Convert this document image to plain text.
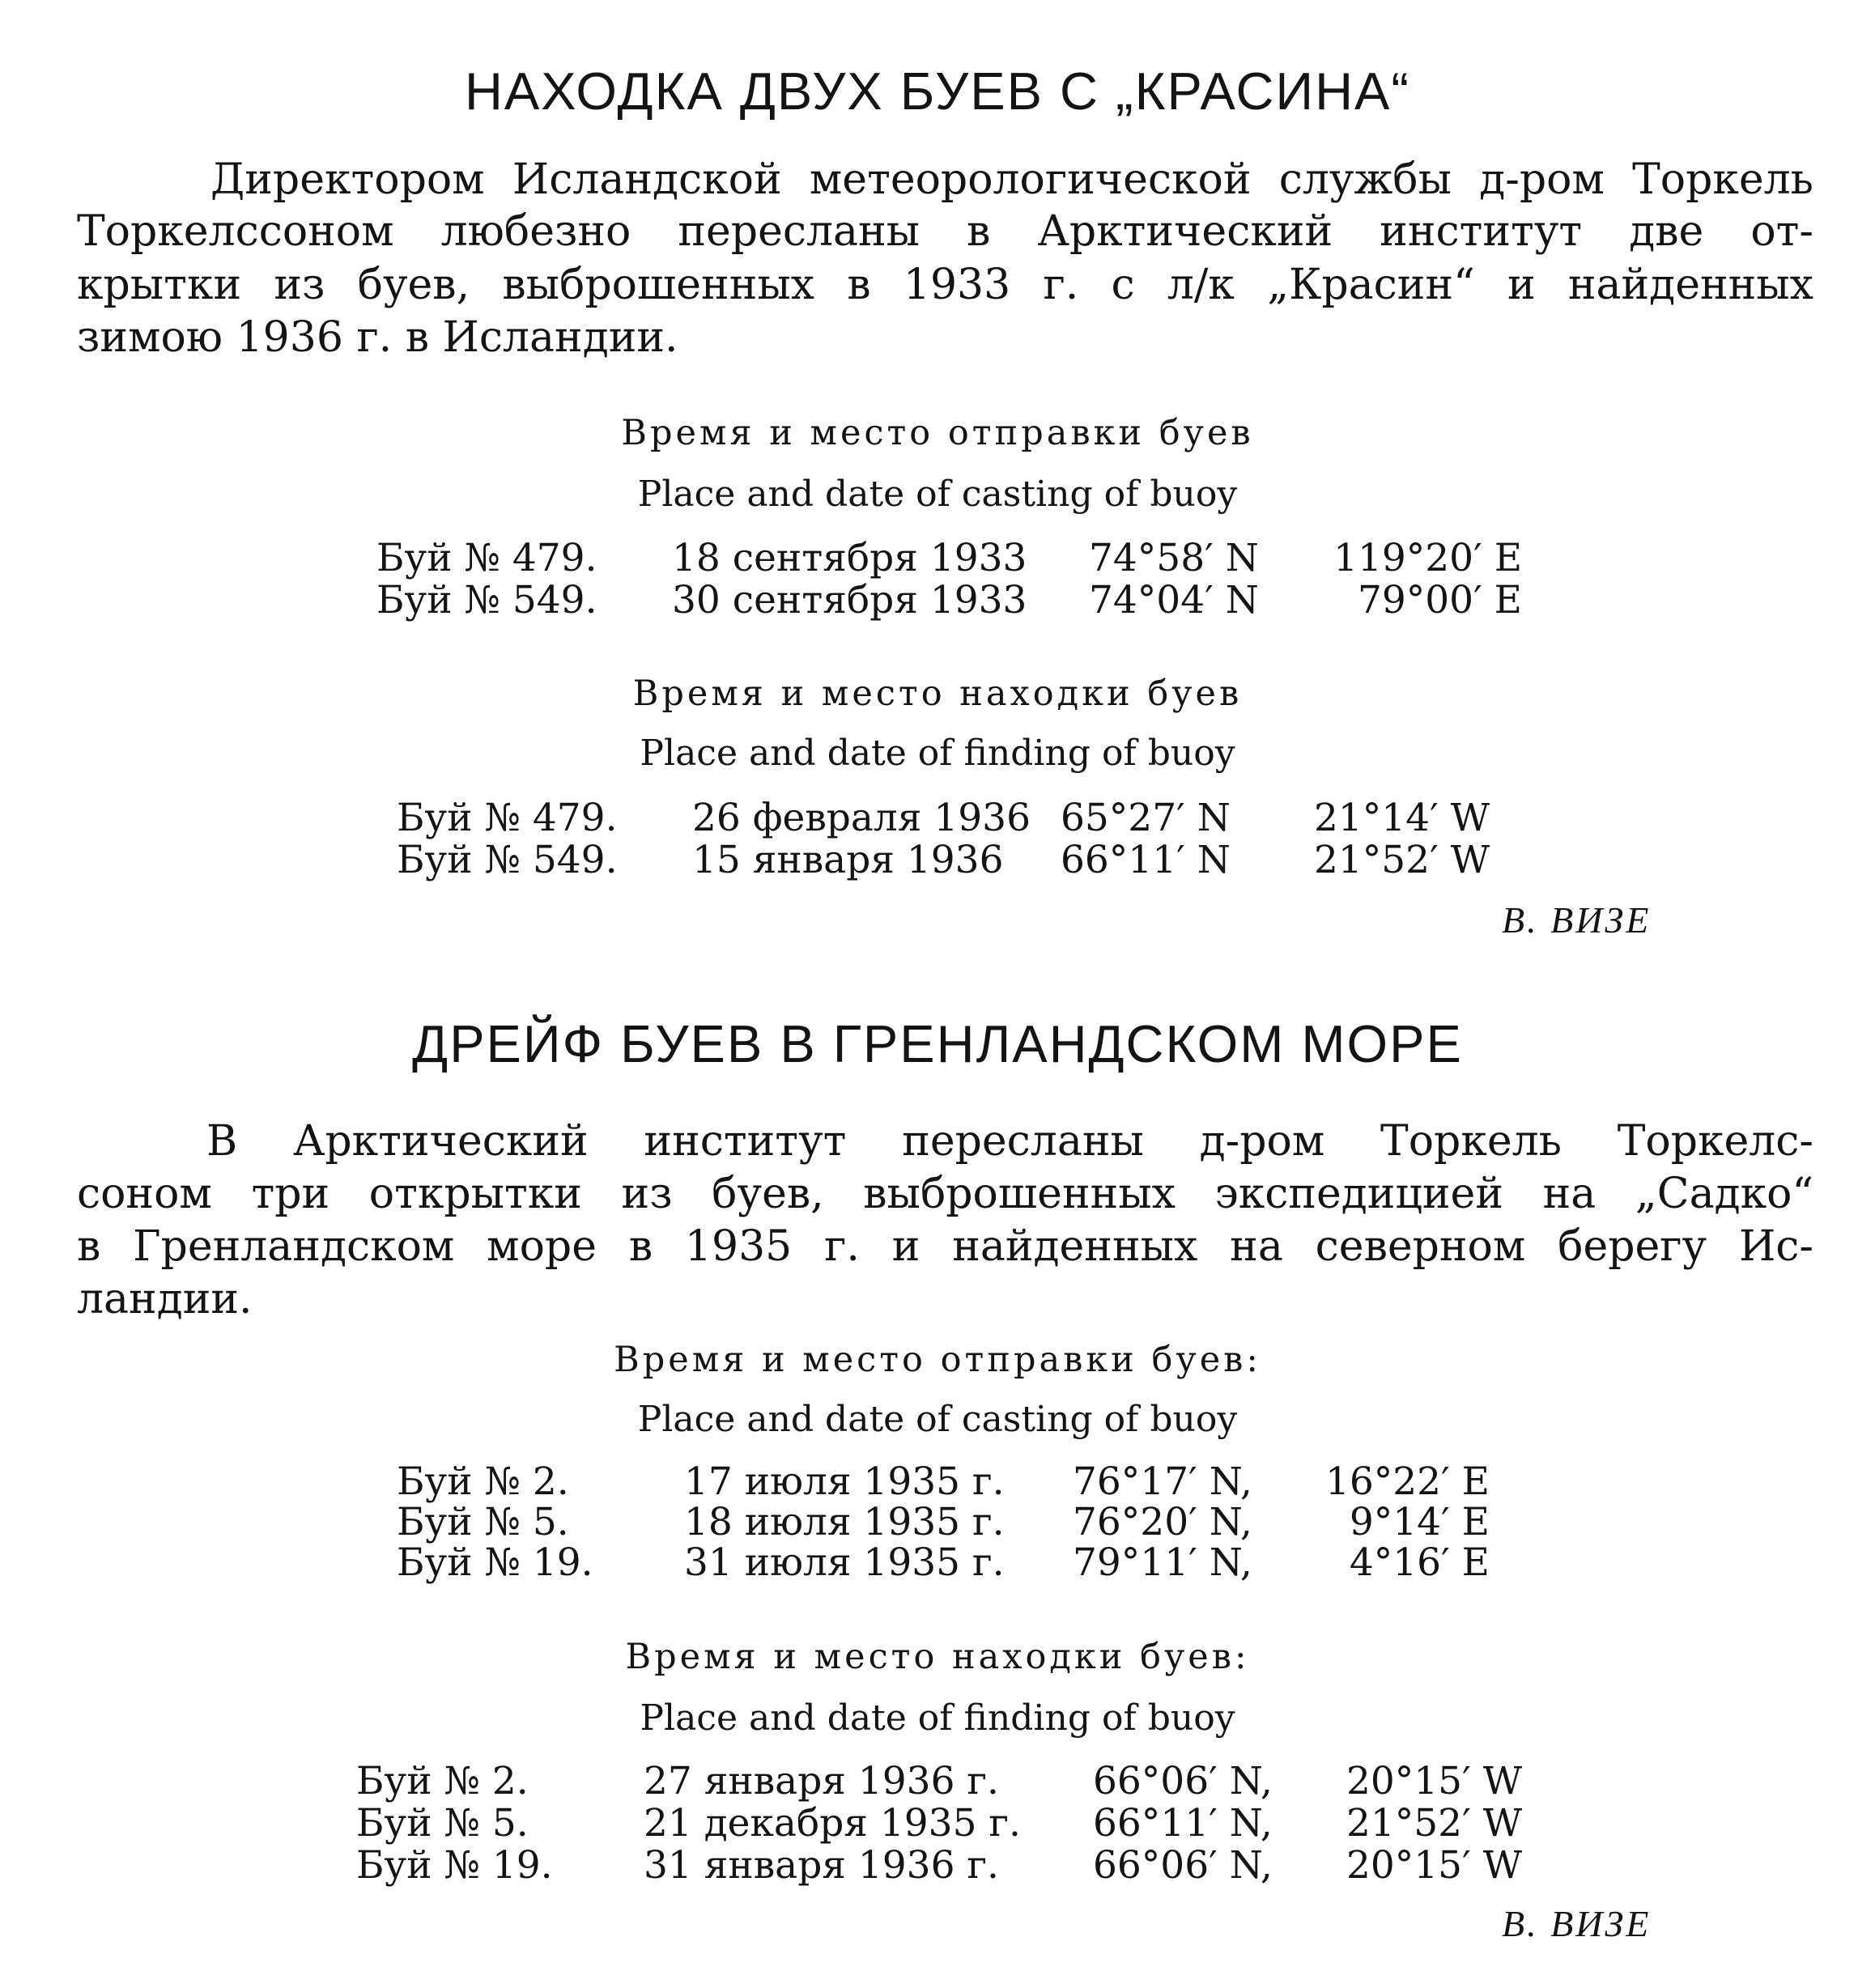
НАХОДКА ДВУХ БУЕВ С „КРАСИНА“
Директором Исландской метеорологической службы д-ром Торкель
Торкелссоном любезно пересланы в Арктический институт две от-
крытки из буев, выброшенных в 1933 г. с л/к „Красин“ и найденных
зимою 1936 г. в Исландии.
Время и место отправки буев
Place and date of casting of buoy
Буй № 479. 18 сентября 1933 74°58′ N	119°20′ E
Буй № 549. 30 сентября 1933 74°04′ N	79°00′ E
Время и место находки буев
Place and date of finding of buoy
Буй № 479. 26 февраля 1936 65°27′ N	21°14′ W
Буй № 549. 15 января 1936 66°11′ N	21°52′ W
В. ВИЗЕ
ДРЕЙФ БУЕВ В ГРЕНЛАНДСКОМ МОРЕ
В Арктический институт пересланы д-ром Торкель Торкелс-
соном три открытки из буев, выброшенных экспедицией на „Садко“
в Гренландском море в 1935 г. и найденных на северном берегу Ис-
ландии.
Время и место отправки буев:
Place and date of casting of buoy
Буй № 2.	17 июля 1935 г. 76°17′ N,	16°22′ E
Буй № 5.	18 июля 1935 г. 76°20′ N,	9°14′ E
Буй № 19. 31 июля 1935 г. 79°11′ N,	4°16′ E
Время и место находки буев:
Place and date of finding of buoy
Буй № 2.	27 января 1936 г. 66°06′ N,	20°15′ W
Буй № 5.	21 декабря 1935 г. 66°11′ N,	21°52′ W
Буй № 19. 31 января 1936 г. 66°06′ N,	20°15′ W
В. ВИЗЕ
